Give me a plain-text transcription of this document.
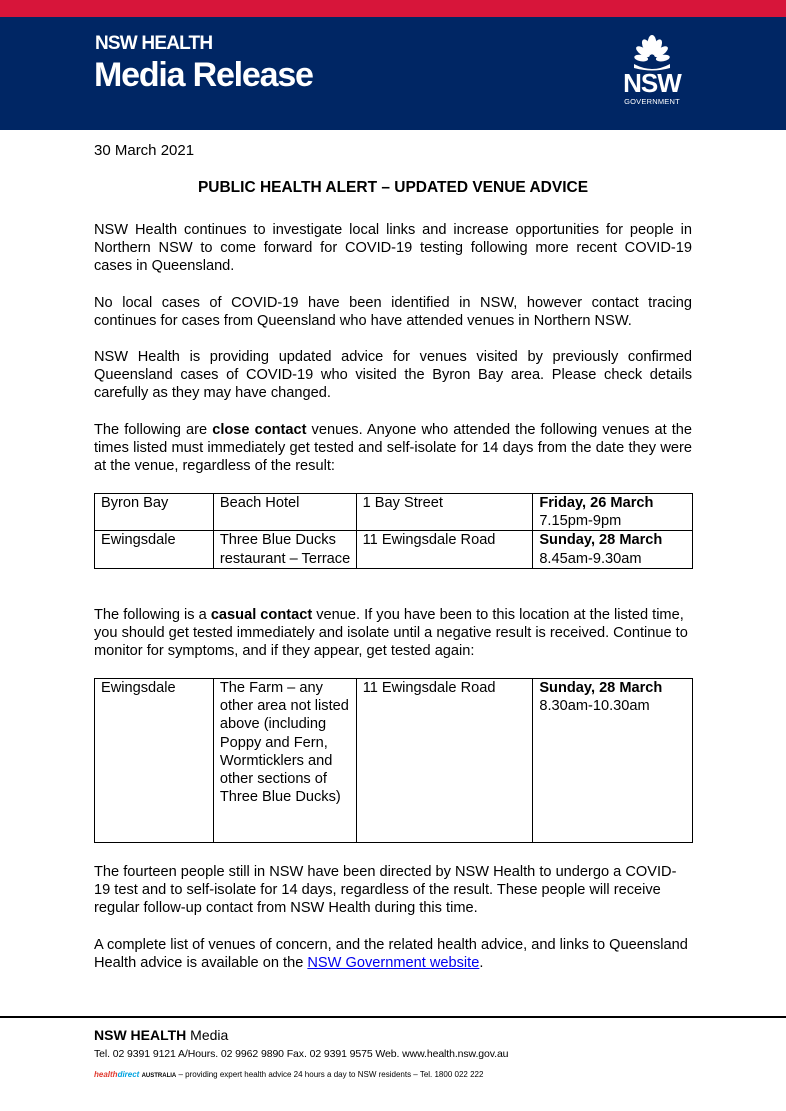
NSW HEALTH
Media Release	NSW
GOVERNMENT
30 March 2021
PUBLIC HEALTH ALERT – UPDATED VENUE ADVICE

NSW Health continues to investigate local links and increase opportunities for people in Northern NSW to come forward for COVID-19 testing following more recent COVID-19 cases in Queensland.

No local cases of COVID-19 have been identified in NSW, however contact tracing continues for cases from Queensland who have attended venues in Northern NSW.

NSW Health is providing updated advice for venues visited by previously confirmed Queensland cases of COVID-19 who visited the Byron Bay area. Please check details carefully as they may have changed.

The following are close contact venues. Anyone who attended the following venues at the times listed must immediately get tested and self-isolate for 14 days from the date they were at the venue, regardless of the result:

Byron Bay	Beach Hotel	1 Bay Street	Friday, 26 March
7.15pm-9pm

Ewingsdale	Three Blue Ducks restaurant – Terrace	11 Ewingsdale Road	Sunday, 28 March
8.45am-9.30am

The following is a casual contact venue. If you have been to this location at the listed time, you should get tested immediately and isolate until a negative result is received. Continue to monitor for symptoms, and if they appear, get tested again:

Ewingsdale	The Farm – any other area not listed above (including Poppy and Fern, Wormticklers and other sections of Three Blue Ducks)	11 Ewingsdale Road	Sunday, 28 March
8.30am-10.30am

The fourteen people still in NSW have been directed by NSW Health to undergo a COVID-19 test and to self-isolate for 14 days, regardless of the result. These people will receive regular follow-up contact from NSW Health during this time.

A complete list of venues of concern, and the related health advice, and links to Queensland Health advice is available on the NSW Government website.

NSW HEALTH Media
Tel. 02 9391 9121 A/Hours. 02 9962 9890 Fax. 02 9391 9575 Web. www.health.nsw.gov.au
healthdirect AUSTRALIA – providing expert health advice 24 hours a day to NSW residents – Tel. 1800 022 222
